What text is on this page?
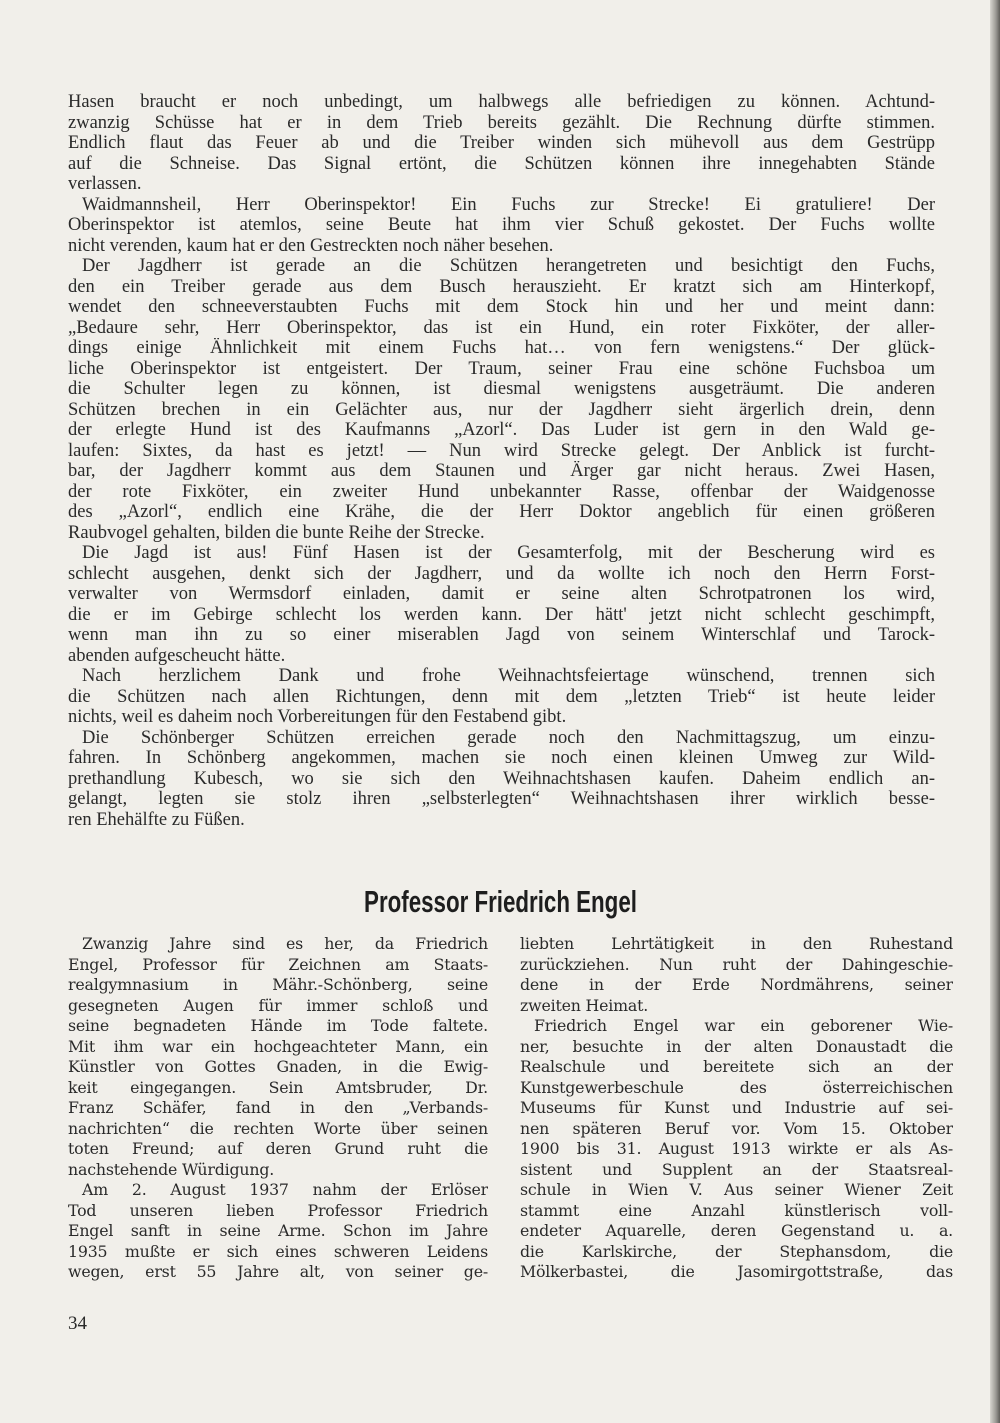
Hasen braucht er noch unbedingt, um halbwegs alle befriedigen zu können. Achtund-
zwanzig Schüsse hat er in dem Trieb bereits gezählt. Die Rechnung dürfte stimmen.
Endlich flaut das Feuer ab und die Treiber winden sich mühevoll aus dem Gestrüpp
auf die Schneise. Das Signal ertönt, die Schützen können ihre innegehabten Stände
verlassen.
Waidmannsheil, Herr Oberinspektor! Ein Fuchs zur Strecke! Ei gratuliere! Der
Oberinspektor ist atemlos, seine Beute hat ihm vier Schuß gekostet. Der Fuchs wollte
nicht verenden, kaum hat er den Gestreckten noch näher besehen.
Der Jagdherr ist gerade an die Schützen herangetreten und besichtigt den Fuchs,
den ein Treiber gerade aus dem Busch herauszieht. Er kratzt sich am Hinterkopf,
wendet den schneeverstaubten Fuchs mit dem Stock hin und her und meint dann:
„Bedaure sehr, Herr Oberinspektor, das ist ein Hund, ein roter Fixköter, der aller-
dings einige Ähnlichkeit mit einem Fuchs hat… von fern wenigstens.“ Der glück-
liche Oberinspektor ist entgeistert. Der Traum, seiner Frau eine schöne Fuchsboa um
die Schulter legen zu können, ist diesmal wenigstens ausgeträumt. Die anderen
Schützen brechen in ein Gelächter aus, nur der Jagdherr sieht ärgerlich drein, denn
der erlegte Hund ist des Kaufmanns „Azorl“. Das Luder ist gern in den Wald ge-
laufen: Sixtes, da hast es jetzt! — Nun wird Strecke gelegt. Der Anblick ist furcht-
bar, der Jagdherr kommt aus dem Staunen und Ärger gar nicht heraus. Zwei Hasen,
der rote Fixköter, ein zweiter Hund unbekannter Rasse, offenbar der Waidgenosse
des „Azorl“, endlich eine Krähe, die der Herr Doktor angeblich für einen größeren
Raubvogel gehalten, bilden die bunte Reihe der Strecke.
Die Jagd ist aus! Fünf Hasen ist der Gesamterfolg, mit der Bescherung wird es
schlecht ausgehen, denkt sich der Jagdherr, und da wollte ich noch den Herrn Forst-
verwalter von Wermsdorf einladen, damit er seine alten Schrotpatronen los wird,
die er im Gebirge schlecht los werden kann. Der hätt' jetzt nicht schlecht geschimpft,
wenn man ihn zu so einer miserablen Jagd von seinem Winterschlaf und Tarock-
abenden aufgescheucht hätte.
Nach herzlichem Dank und frohe Weihnachtsfeiertage wünschend, trennen sich
die Schützen nach allen Richtungen, denn mit dem „letzten Trieb“ ist heute leider
nichts, weil es daheim noch Vorbereitungen für den Festabend gibt.
Die Schönberger Schützen erreichen gerade noch den Nachmittagszug, um einzu-
fahren. In Schönberg angekommen, machen sie noch einen kleinen Umweg zur Wild-
prethandlung Kubesch, wo sie sich den Weihnachtshasen kaufen. Daheim endlich an-
gelangt, legten sie stolz ihren „selbsterlegten“ Weihnachtshasen ihrer wirklich besse-
ren Ehehälfte zu Füßen.
Professor Friedrich Engel
Zwanzig Jahre sind es her, da Friedrich
Engel, Professor für Zeichnen am Staats-
realgymnasium in Mähr.-Schönberg, seine
gesegneten Augen für immer schloß und
seine begnadeten Hände im Tode faltete.
Mit ihm war ein hochgeachteter Mann, ein
Künstler von Gottes Gnaden, in die Ewig-
keit eingegangen. Sein Amtsbruder, Dr.
Franz Schäfer, fand in den „Verbands-
nachrichten“ die rechten Worte über seinen
toten Freund; auf deren Grund ruht die
nachstehende Würdigung.
Am 2. August 1937 nahm der Erlöser
Tod unseren lieben Professor Friedrich
Engel sanft in seine Arme. Schon im Jahre
1935 mußte er sich eines schweren Leidens
wegen, erst 55 Jahre alt, von seiner ge-
liebten Lehrtätigkeit in den Ruhestand
zurückziehen. Nun ruht der Dahingeschie-
dene in der Erde Nordmährens, seiner
zweiten Heimat.
Friedrich Engel war ein geborener Wie-
ner, besuchte in der alten Donaustadt die
Realschule und bereitete sich an der
Kunstgewerbeschule des österreichischen
Museums für Kunst und Industrie auf sei-
nen späteren Beruf vor. Vom 15. Oktober
1900 bis 31. August 1913 wirkte er als As-
sistent und Supplent an der Staatsreal-
schule in Wien V. Aus seiner Wiener Zeit
stammt eine Anzahl künstlerisch voll-
endeter Aquarelle, deren Gegenstand u. a.
die Karlskirche, der Stephansdom, die
Mölkerbastei, die Jasomirgottstraße, das
34
